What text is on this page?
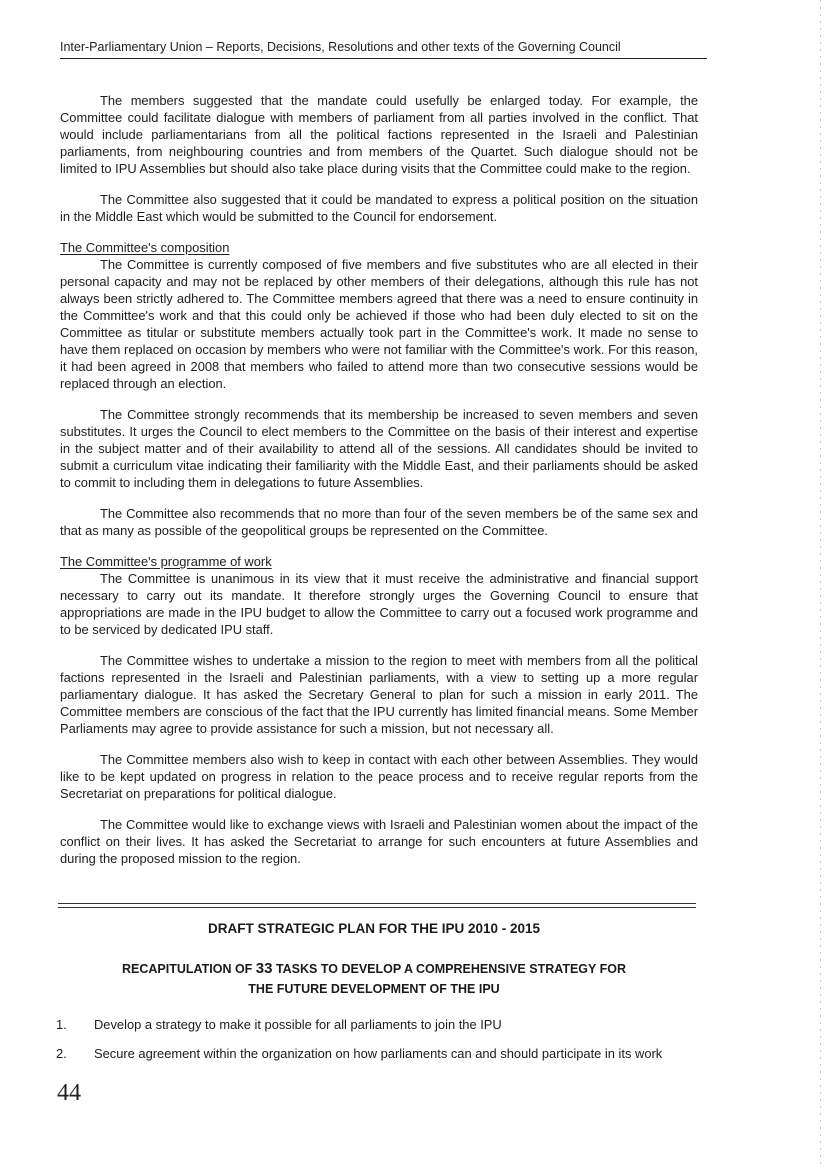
Inter-Parliamentary Union – Reports, Decisions, Resolutions and other texts of the Governing Council

The members suggested that the mandate could usefully be enlarged today. For example, the Committee could facilitate dialogue with members of parliament from all parties involved in the conflict. That would include parliamentarians from all the political factions represented in the Israeli and Palestinian parliaments, from neighbouring countries and from members of the Quartet. Such dialogue should not be limited to IPU Assemblies but should also take place during visits that the Committee could make to the region.

The Committee also suggested that it could be mandated to express a political position on the situation in the Middle East which would be submitted to the Council for endorsement.

The Committee's composition

The Committee is currently composed of five members and five substitutes who are all elected in their personal capacity and may not be replaced by other members of their delegations, although this rule has not always been strictly adhered to. The Committee members agreed that there was a need to ensure continuity in the Committee's work and that this could only be achieved if those who had been duly elected to sit on the Committee as titular or substitute members actually took part in the Committee's work. It made no sense to have them replaced on occasion by members who were not familiar with the Committee's work. For this reason, it had been agreed in 2008 that members who failed to attend more than two consecutive sessions would be replaced through an election.

The Committee strongly recommends that its membership be increased to seven members and seven substitutes. It urges the Council to elect members to the Committee on the basis of their interest and expertise in the subject matter and of their availability to attend all of the sessions. All candidates should be invited to submit a curriculum vitae indicating their familiarity with the Middle East, and their parliaments should be asked to commit to including them in delegations to future Assemblies.

The Committee also recommends that no more than four of the seven members be of the same sex and that as many as possible of the geopolitical groups be represented on the Committee.

The Committee's programme of work

The Committee is unanimous in its view that it must receive the administrative and financial support necessary to carry out its mandate. It therefore strongly urges the Governing Council to ensure that appropriations are made in the IPU budget to allow the Committee to carry out a focused work programme and to be serviced by dedicated IPU staff.

The Committee wishes to undertake a mission to the region to meet with members from all the political factions represented in the Israeli and Palestinian parliaments, with a view to setting up a more regular parliamentary dialogue. It has asked the Secretary General to plan for such a mission in early 2011. The Committee members are conscious of the fact that the IPU currently has limited financial means. Some Member Parliaments may agree to provide assistance for such a mission, but not necessary all.

The Committee members also wish to keep in contact with each other between Assemblies. They would like to be kept updated on progress in relation to the peace process and to receive regular reports from the Secretariat on preparations for political dialogue.

The Committee would like to exchange views with Israeli and Palestinian women about the impact of the conflict on their lives. It has asked the Secretariat to arrange for such encounters at future Assemblies and during the proposed mission to the region.

DRAFT STRATEGIC PLAN FOR THE IPU 2010 - 2015
RECAPITULATION OF 33 TASKS TO DEVELOP A COMPREHENSIVE STRATEGY FOR
THE FUTURE DEVELOPMENT OF THE IPU
1. Develop a strategy to make it possible for all parliaments to join the IPU
2. Secure agreement within the organization on how parliaments can and should participate in its work
44
